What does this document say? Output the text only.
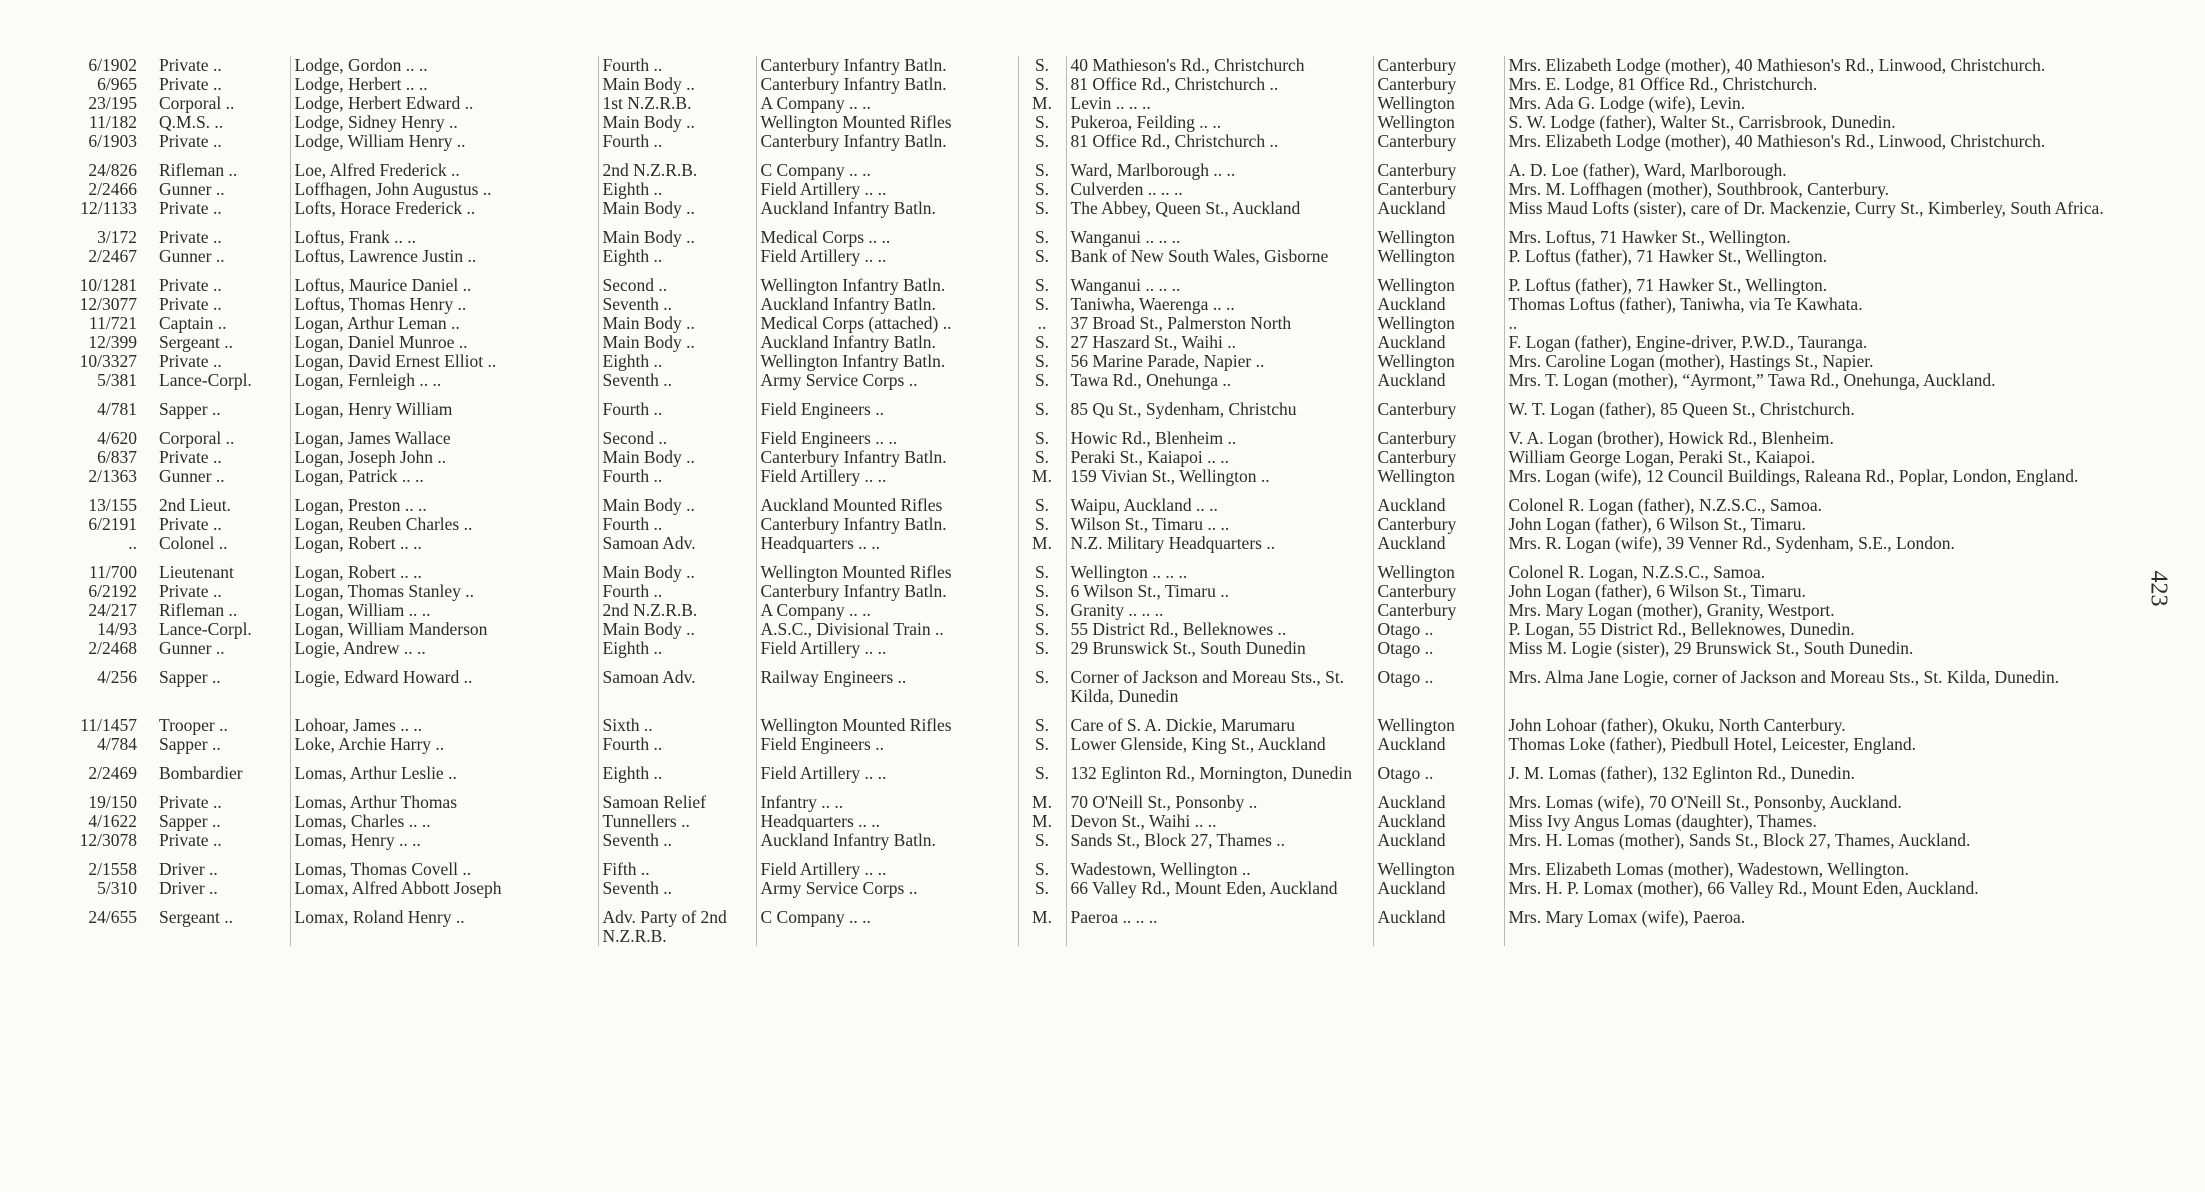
6/1902	Private ..	Lodge, Gordon .. ..	Fourth ..	Canterbury Infantry Batln.	S.	40 Mathieson's Rd., Christchurch	Canterbury	Mrs. Elizabeth Lodge (mother), 40 Mathieson's Rd., Linwood, Christchurch.
6/965	Private ..	Lodge, Herbert .. ..	Main Body ..	Canterbury Infantry Batln.	S.	81 Office Rd., Christchurch ..	Canterbury	Mrs. E. Lodge, 81 Office Rd., Christchurch.
23/195	Corporal ..	Lodge, Herbert Edward ..	1st N.Z.R.B.	A Company .. ..	M.	Levin .. .. ..	Wellington	Mrs. Ada G. Lodge (wife), Levin.
11/182	Q.M.S. ..	Lodge, Sidney Henry ..	Main Body ..	Wellington Mounted Rifles	S.	Pukeroa, Feilding .. ..	Wellington	S. W. Lodge (father), Walter St., Carrisbrook, Dunedin.
6/1903	Private ..	Lodge, William Henry ..	Fourth ..	Canterbury Infantry Batln.	S.	81 Office Rd., Christchurch ..	Canterbury	Mrs. Elizabeth Lodge (mother), 40 Mathieson's Rd., Linwood, Christchurch.
24/826	Rifleman ..	Loe, Alfred Frederick ..	2nd N.Z.R.B.	C Company .. ..	S.	Ward, Marlborough .. ..	Canterbury	A. D. Loe (father), Ward, Marlborough.
2/2466	Gunner ..	Loffhagen, John Augustus ..	Eighth ..	Field Artillery .. ..	S.	Culverden .. .. ..	Canterbury	Mrs. M. Loffhagen (mother), Southbrook, Canterbury.
12/1133	Private ..	Lofts, Horace Frederick ..	Main Body ..	Auckland Infantry Batln.	S.	The Abbey, Queen St., Auckland	Auckland	Miss Maud Lofts (sister), care of Dr. Mackenzie, Curry St., Kimberley, South Africa.
3/172	Private ..	Loftus, Frank .. ..	Main Body ..	Medical Corps .. ..	S.	Wanganui .. .. ..	Wellington	Mrs. Loftus, 71 Hawker St., Wellington.
2/2467	Gunner ..	Loftus, Lawrence Justin ..	Eighth ..	Field Artillery .. ..	S.	Bank of New South Wales, Gisborne	Wellington	P. Loftus (father), 71 Hawker St., Wellington.
10/1281	Private ..	Loftus, Maurice Daniel ..	Second ..	Wellington Infantry Batln.	S.	Wanganui .. .. ..	Wellington	P. Loftus (father), 71 Hawker St., Wellington.
12/3077	Private ..	Loftus, Thomas Henry ..	Seventh ..	Auckland Infantry Batln.	S.	Taniwha, Waerenga .. ..	Auckland	Thomas Loftus (father), Taniwha, via Te Kawhata.
11/721	Captain ..	Logan, Arthur Leman ..	Main Body ..	Medical Corps (attached) ..	..	37 Broad St., Palmerston North	Wellington	..
12/399	Sergeant ..	Logan, Daniel Munroe ..	Main Body ..	Auckland Infantry Batln.	S.	27 Haszard St., Waihi ..	Auckland	F. Logan (father), Engine-driver, P.W.D., Tauranga.
10/3327	Private ..	Logan, David Ernest Elliot ..	Eighth ..	Wellington Infantry Batln.	S.	56 Marine Parade, Napier ..	Wellington	Mrs. Caroline Logan (mother), Hastings St., Napier.
5/381	Lance-Corpl.	Logan, Fernleigh .. ..	Seventh ..	Army Service Corps ..	S.	Tawa Rd., Onehunga ..	Auckland	Mrs. T. Logan (mother), “Ayrmont,” Tawa Rd., Onehunga, Auckland.
4/781	Sapper ..	Logan, Henry William	Fourth ..	Field Engineers ..	S.	85 Qu St., Sydenham, Christchu	Canterbury	W. T. Logan (father), 85 Queen St., Christchurch.
4/620	Corporal ..	Logan, James Wallace	Second ..	Field Engineers .. ..	S.	Howic Rd., Blenheim ..	Canterbury	V. A. Logan (brother), Howick Rd., Blenheim.
6/837	Private ..	Logan, Joseph John ..	Main Body ..	Canterbury Infantry Batln.	S.	Peraki St., Kaiapoi .. ..	Canterbury	William George Logan, Peraki St., Kaiapoi.
2/1363	Gunner ..	Logan, Patrick .. ..	Fourth ..	Field Artillery .. ..	M.	159 Vivian St., Wellington ..	Wellington	Mrs. Logan (wife), 12 Council Buildings, Raleana Rd., Poplar, London, England.
13/155	2nd Lieut.	Logan, Preston .. ..	Main Body ..	Auckland Mounted Rifles	S.	Waipu, Auckland .. ..	Auckland	Colonel R. Logan (father), N.Z.S.C., Samoa.
6/2191	Private ..	Logan, Reuben Charles ..	Fourth ..	Canterbury Infantry Batln.	S.	Wilson St., Timaru .. ..	Canterbury	John Logan (father), 6 Wilson St., Timaru.
..	Colonel ..	Logan, Robert .. ..	Samoan Adv.	Headquarters .. ..	M.	N.Z. Military Headquarters ..	Auckland	Mrs. R. Logan (wife), 39 Venner Rd., Sydenham, S.E., London.
11/700	Lieutenant	Logan, Robert .. ..	Main Body ..	Wellington Mounted Rifles	S.	Wellington .. .. ..	Wellington	Colonel R. Logan, N.Z.S.C., Samoa.
6/2192	Private ..	Logan, Thomas Stanley ..	Fourth ..	Canterbury Infantry Batln.	S.	6 Wilson St., Timaru ..	Canterbury	John Logan (father), 6 Wilson St., Timaru.
24/217	Rifleman ..	Logan, William .. ..	2nd N.Z.R.B.	A Company .. ..	S.	Granity .. .. ..	Canterbury	Mrs. Mary Logan (mother), Granity, Westport.
14/93	Lance-Corpl.	Logan, William Manderson	Main Body ..	A.S.C., Divisional Train ..	S.	55 District Rd., Belleknowes ..	Otago ..	P. Logan, 55 District Rd., Belleknowes, Dunedin.
2/2468	Gunner ..	Logie, Andrew .. ..	Eighth ..	Field Artillery .. ..	S.	29 Brunswick St., South Dunedin	Otago ..	Miss M. Logie (sister), 29 Brunswick St., South Dunedin.
4/256	Sapper ..	Logie, Edward Howard ..	Samoan Adv.	Railway Engineers ..	S.	Corner of Jackson and Moreau Sts., St. Kilda, Dunedin	Otago ..	Mrs. Alma Jane Logie, corner of Jackson and Moreau Sts., St. Kilda, Dunedin.
11/1457	Trooper ..	Lohoar, James .. ..	Sixth ..	Wellington Mounted Rifles	S.	Care of S. A. Dickie, Marumaru	Wellington	John Lohoar (father), Okuku, North Canterbury.
4/784	Sapper ..	Loke, Archie Harry ..	Fourth ..	Field Engineers ..	S.	Lower Glenside, King St., Auckland	Auckland	Thomas Loke (father), Piedbull Hotel, Leicester, England.
2/2469	Bombardier	Lomas, Arthur Leslie ..	Eighth ..	Field Artillery .. ..	S.	132 Eglinton Rd., Mornington, Dunedin	Otago ..	J. M. Lomas (father), 132 Eglinton Rd., Dunedin.
19/150	Private ..	Lomas, Arthur Thomas	Samoan Relief	Infantry .. ..	M.	70 O'Neill St., Ponsonby ..	Auckland	Mrs. Lomas (wife), 70 O'Neill St., Ponsonby, Auckland.
4/1622	Sapper ..	Lomas, Charles .. ..	Tunnellers ..	Headquarters .. ..	M.	Devon St., Waihi .. ..	Auckland	Miss Ivy Angus Lomas (daughter), Thames.
12/3078	Private ..	Lomas, Henry .. ..	Seventh ..	Auckland Infantry Batln.	S.	Sands St., Block 27, Thames ..	Auckland	Mrs. H. Lomas (mother), Sands St., Block 27, Thames, Auckland.
2/1558	Driver ..	Lomas, Thomas Covell ..	Fifth ..	Field Artillery .. ..	S.	Wadestown, Wellington ..	Wellington	Mrs. Elizabeth Lomas (mother), Wadestown, Wellington.
5/310	Driver ..	Lomax, Alfred Abbott Joseph	Seventh ..	Army Service Corps ..	S.	66 Valley Rd., Mount Eden, Auckland	Auckland	Mrs. H. P. Lomax (mother), 66 Valley Rd., Mount Eden, Auckland.
24/655	Sergeant ..	Lomax, Roland Henry ..	Adv. Party of 2nd N.Z.R.B.	C Company .. ..	M.	Paeroa .. .. ..	Auckland	Mrs. Mary Lomax (wife), Paeroa.
423
